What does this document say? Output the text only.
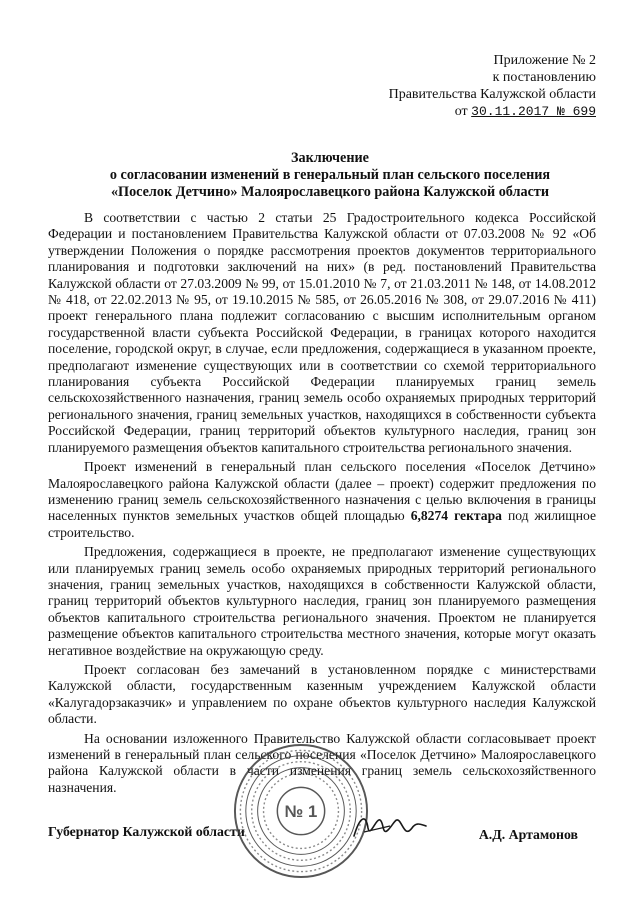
Приложение № 2
к постановлению
Правительства Калужской области
от 30.11.2017 № 699
Заключение
о согласовании изменений в генеральный план сельского поселения
«Поселок Детчино» Малоярославецкого района Калужской области

В соответствии с частью 2 статьи 25 Градостроительного кодекса Российской Федерации и постановлением Правительства Калужской области от 07.03.2008 № 92 «Об утверждении Положения о порядке рассмотрения проектов документов территориального планирования и подготовки заключений на них» (в ред. постановлений Правительства Калужской области от 27.03.2009 № 99, от 15.01.2010 № 7, от 21.03.2011 № 148, от 14.08.2012 № 418, от 22.02.2013 № 95, от 19.10.2015 № 585, от 26.05.2016 № 308, от 29.07.2016 № 411) проект генерального плана подлежит согласованию с высшим исполнительным органом государственной власти субъекта Российской Федерации, в границах которого находится поселение, городской округ, в случае, если предложения, содержащиеся в указанном проекте, предполагают изменение существующих или в соответствии со схемой территориального планирования субъекта Российской Федерации планируемых границ земель сельскохозяйственного назначения, границ земель особо охраняемых природных территорий регионального значения, границ земельных участков, находящихся в собственности субъекта Российской Федерации, границ территорий объектов культурного наследия, границ зон планируемого размещения объектов капитального строительства регионального значения.

Проект изменений в генеральный план сельского поселения «Поселок Детчино» Малоярославецкого района Калужской области (далее – проект) содержит предложения по изменению границ земель сельскохозяйственного назначения с целью включения в границы населенных пунктов земельных участков общей площадью 6,8274 гектара под жилищное строительство.

Предложения, содержащиеся в проекте, не предполагают изменение существующих или планируемых границ земель особо охраняемых природных территорий регионального значения, границ земельных участков, находящихся в собственности Калужской области, границ территорий объектов культурного наследия, границ зон планируемого размещения объектов капитального строительства регионального значения. Проектом не планируется размещение объектов капитального строительства местного значения, которые могут оказать негативное воздействие на окружающую среду.

Проект согласован без замечаний в установленном порядке с министерствами Калужской области, государственным казенным учреждением Калужской области «Калугадорзаказчик» и управлением по охране объектов культурного наследия Калужской области.

На основании изложенного Правительство Калужской области согласовывает проект изменений в генеральный план сельского поселения «Поселок Детчино» Малоярославецкого района Калужской области в части изменения границ земель сельскохозяйственного назначения.

Губернатор Калужской области	А.Д. Артамонов
№ 1
